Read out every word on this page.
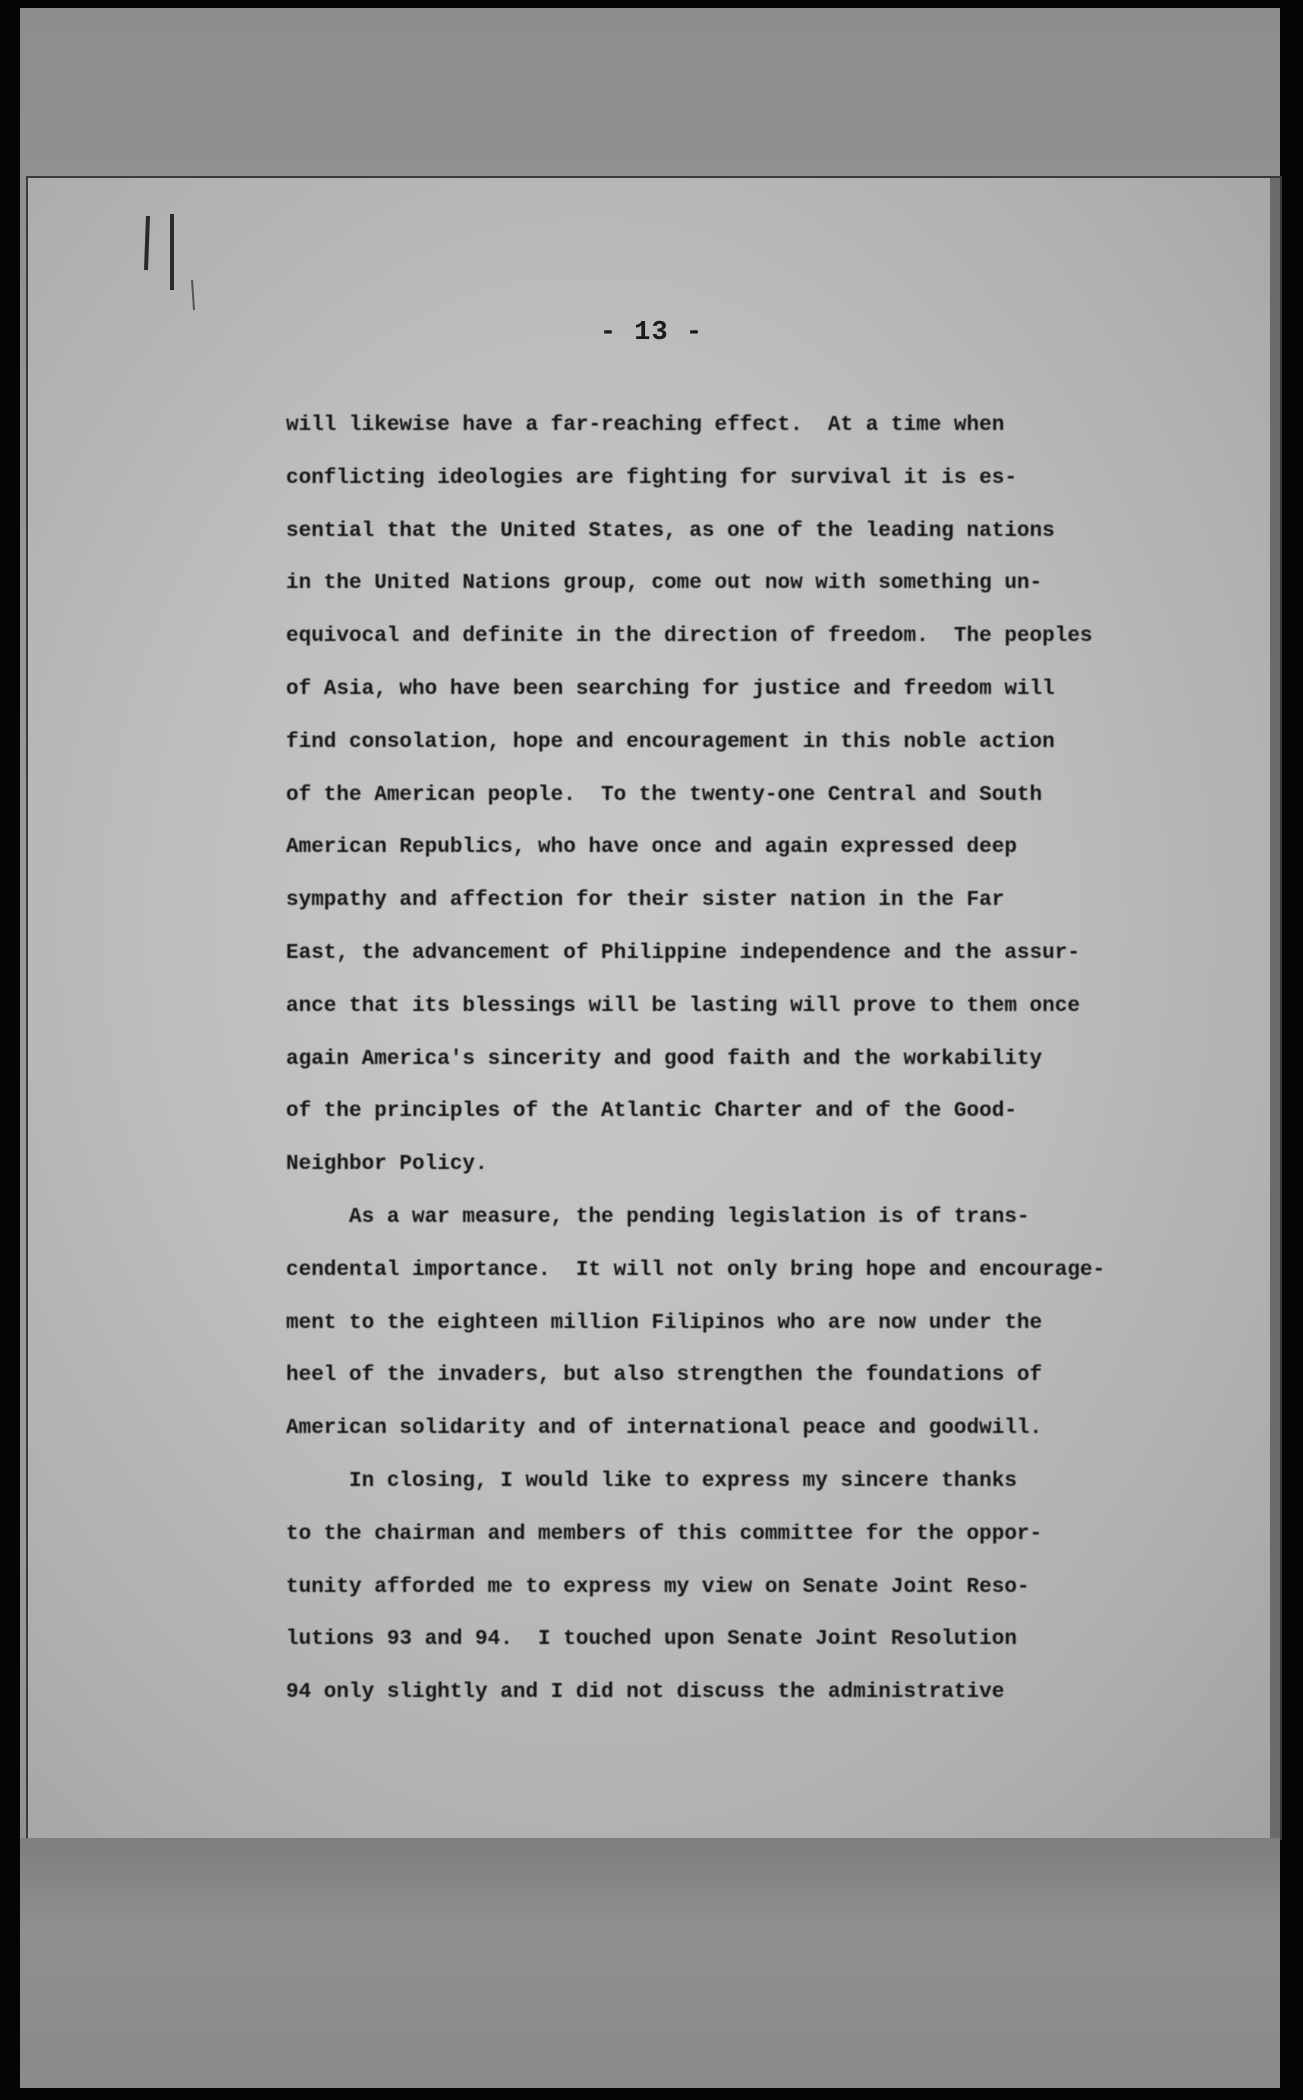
- 13 -
will likewise have a far-reaching effect.  At a time when
conflicting ideologies are fighting for survival it is es-
sential that the United States, as one of the leading nations
in the United Nations group, come out now with something un-
equivocal and definite in the direction of freedom.  The peoples
of Asia, who have been searching for justice and freedom will
find consolation, hope and encouragement in this noble action
of the American people.  To the twenty-one Central and South
American Republics, who have once and again expressed deep
sympathy and affection for their sister nation in the Far
East, the advancement of Philippine independence and the assur-
ance that its blessings will be lasting will prove to them once
again America's sincerity and good faith and the workability
of the principles of the Atlantic Charter and of the Good-
Neighbor Policy.
As a war measure, the pending legislation is of trans-
cendental importance.  It will not only bring hope and encourage-
ment to the eighteen million Filipinos who are now under the
heel of the invaders, but also strengthen the foundations of
American solidarity and of international peace and goodwill.
In closing, I would like to express my sincere thanks
to the chairman and members of this committee for the oppor-
tunity afforded me to express my view on Senate Joint Reso-
lutions 93 and 94.  I touched upon Senate Joint Resolution
94 only slightly and I did not discuss the administrative
